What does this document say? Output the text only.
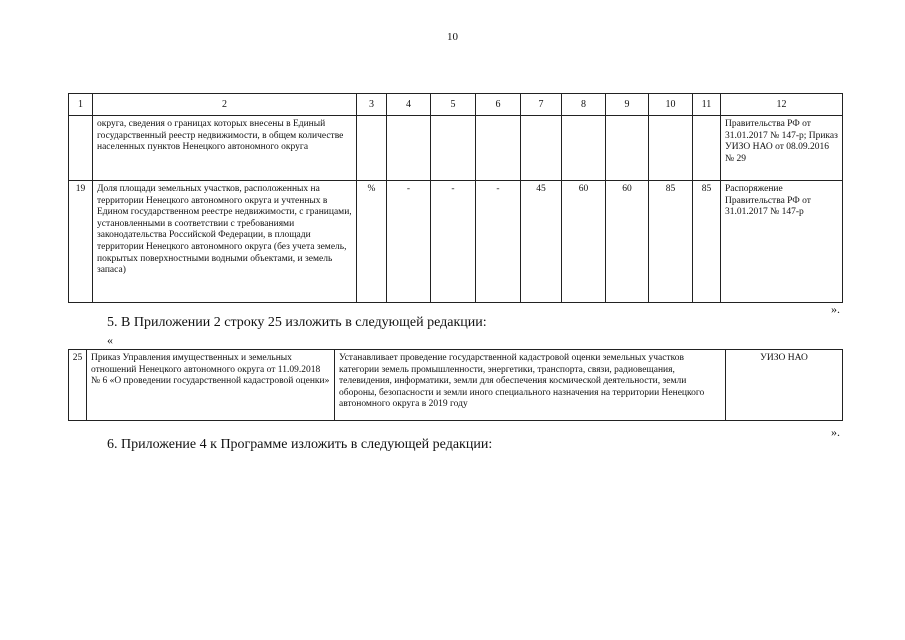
10
1	2	3	4	5	6	7	8	9	10	11	12
	округа, сведения о границах которых внесены в Единый государственный реестр недвижимости, в общем количестве населенных пунктов Ненецкого автономного округа										Правительства РФ от 31.01.2017 № 147-р; Приказ УИЗО НАО от 08.09.2016 № 29
19	Доля площади земельных участков, расположенных на территории Ненецкого автономного округа и учтенных в Едином государственном реестре недвижимости, с границами, установленными в соответствии с требованиями законодательства Российской Федерации, в площади территории Ненецкого автономного округа (без учета земель, покрытых поверхностными водными объектами, и земель запаса)	%	-	-	-	45	60	60	85	85	Распоряжение Правительства РФ от 31.01.2017 № 147-р
».
5. В Приложении 2 строку 25 изложить в следующей редакции:
«
25	Приказ Управления имущественных и земельных отношений Ненецкого автономного округа от 11.09.2018 № 6 «О проведении государственной кадастровой оценки»	Устанавливает проведение государственной кадастровой оценки земельных участков категории земель промышленности, энергетики, транспорта, связи, радиовещания, телевидения, информатики, земли для обеспечения космической деятельности, земли обороны, безопасности и земли иного специального назначения на территории Ненецкого автономного округа в 2019 году	УИЗО НАО
».
6. Приложение 4 к Программе изложить в следующей редакции:
